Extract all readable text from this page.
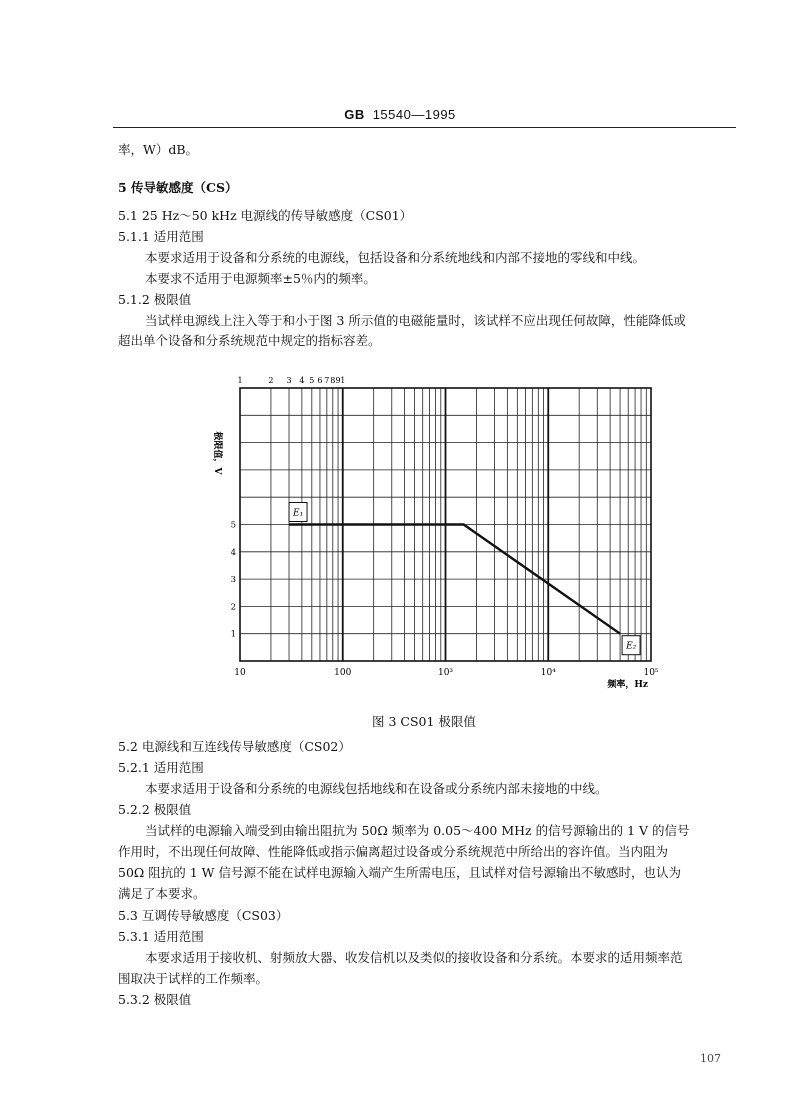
GB 15540—1995
率，W）dB。
5 传导敏感度（CS）
5.1 25 Hz～50 kHz 电源线的传导敏感度（CS01）
5.1.1 适用范围
本要求适用于设备和分系统的电源线，包括设备和分系统地线和内部不接地的零线和中线。
本要求不适用于电源频率±5％内的频率。
5.1.2 极限值
当试样电源线上注入等于和小于图 3 所示值的电磁能量时，该试样不应出现任何故障，性能降低或
超出单个设备和分系统规范中规定的指标容差。
10	100	10³	10⁴	10⁵
1
2
3
4
5
1	2 3 4 5 6 7 8 9 1
E₁
E₂
极限值，V
频率，Hz
图 3 CS01 极限值
5.2 电源线和互连线传导敏感度（CS02）
5.2.1 适用范围
本要求适用于设备和分系统的电源线包括地线和在设备或分系统内部未接地的中线。
5.2.2 极限值
当试样的电源输入端受到由输出阻抗为 50Ω 频率为 0.05～400 MHz 的信号源输出的 1 V 的信号
作用时，不出现任何故障、性能降低或指示偏离超过设备或分系统规范中所给出的容许值。当内阻为
50Ω 阻抗的 1 W 信号源不能在试样电源输入端产生所需电压，且试样对信号源输出不敏感时，也认为
满足了本要求。
5.3 互调传导敏感度（CS03）
5.3.1 适用范围
本要求适用于接收机、射频放大器、收发信机以及类似的接收设备和分系统。本要求的适用频率范
围取决于试样的工作频率。
5.3.2 极限值
107
